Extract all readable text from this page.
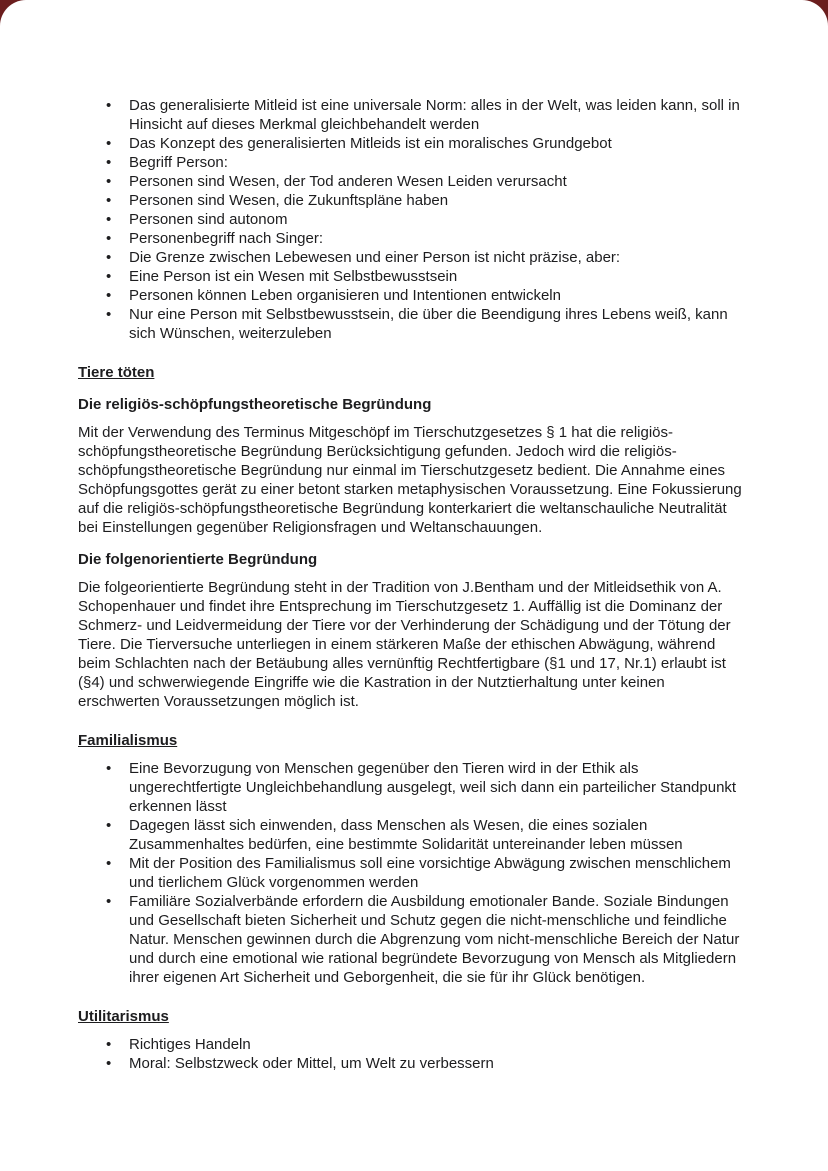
• Das generalisierte Mitleid ist eine universale Norm: alles in der Welt, was leiden kann, soll in Hinsicht auf dieses Merkmal gleichbehandelt werden
• Das Konzept des generalisierten Mitleids ist ein moralisches Grundgebot
• Begriff Person:
• Personen sind Wesen, der Tod anderen Wesen Leiden verursacht
• Personen sind Wesen, die Zukunftspläne haben
• Personen sind autonom
• Personenbegriff nach Singer:
• Die Grenze zwischen Lebewesen und einer Person ist nicht präzise, aber:
• Eine Person ist ein Wesen mit Selbstbewusstsein
• Personen können Leben organisieren und Intentionen entwickeln
• Nur eine Person mit Selbstbewusstsein, die über die Beendigung ihres Lebens weiß, kann sich Wünschen, weiterzuleben
Tiere töten
Die religiös-schöpfungstheoretische Begründung

Mit der Verwendung des Terminus Mitgeschöpf im Tierschutzgesetzes § 1 hat die religiös-schöpfungstheoretische Begründung Berücksichtigung gefunden. Jedoch wird die religiös-schöpfungstheoretische Begründung nur einmal im Tierschutzgesetz bedient. Die Annahme eines Schöpfungsgottes gerät zu einer betont starken metaphysischen Voraussetzung. Eine Fokussierung auf die religiös-schöpfungstheoretische Begründung konterkariert die weltanschauliche Neutralität bei Einstellungen gegenüber Religionsfragen und Weltanschauungen.

Die folgenorientierte Begründung

Die folgeorientierte Begründung steht in der Tradition von J.Bentham und der Mitleidsethik von A. Schopenhauer und findet ihre Entsprechung im Tierschutzgesetz 1. Auffällig ist die Dominanz der Schmerz- und Leidvermeidung der Tiere vor der Verhinderung der Schädigung und der Tötung der Tiere. Die Tierversuche unterliegen in einem stärkeren Maße der ethischen Abwägung, während beim Schlachten nach der Betäubung alles vernünftig Rechtfertigbare (§1 und 17, Nr.1) erlaubt ist (§4) und schwerwiegende Eingriffe wie die Kastration in der Nutztierhaltung unter keinen erschwerten Voraussetzungen möglich ist.

Familialismus
• Eine Bevorzugung von Menschen gegenüber den Tieren wird in der Ethik als ungerechtfertigte Ungleichbehandlung ausgelegt, weil sich dann ein parteilicher Standpunkt erkennen lässt
• Dagegen lässt sich einwenden, dass Menschen als Wesen, die eines sozialen Zusammenhaltes bedürfen, eine bestimmte Solidarität untereinander leben müssen
• Mit der Position des Familialismus soll eine vorsichtige Abwägung zwischen menschlichem und tierlichem Glück vorgenommen werden
• Familiäre Sozialverbände erfordern die Ausbildung emotionaler Bande. Soziale Bindungen und Gesellschaft bieten Sicherheit und Schutz gegen die nicht-menschliche und feindliche Natur. Menschen gewinnen durch die Abgrenzung vom nicht-menschliche Bereich der Natur und durch eine emotional wie rational begründete Bevorzugung von Mensch als Mitgliedern ihrer eigenen Art Sicherheit und Geborgenheit, die sie für ihr Glück benötigen.
Utilitarismus
• Richtiges Handeln
• Moral: Selbstzweck oder Mittel, um Welt zu verbessern
